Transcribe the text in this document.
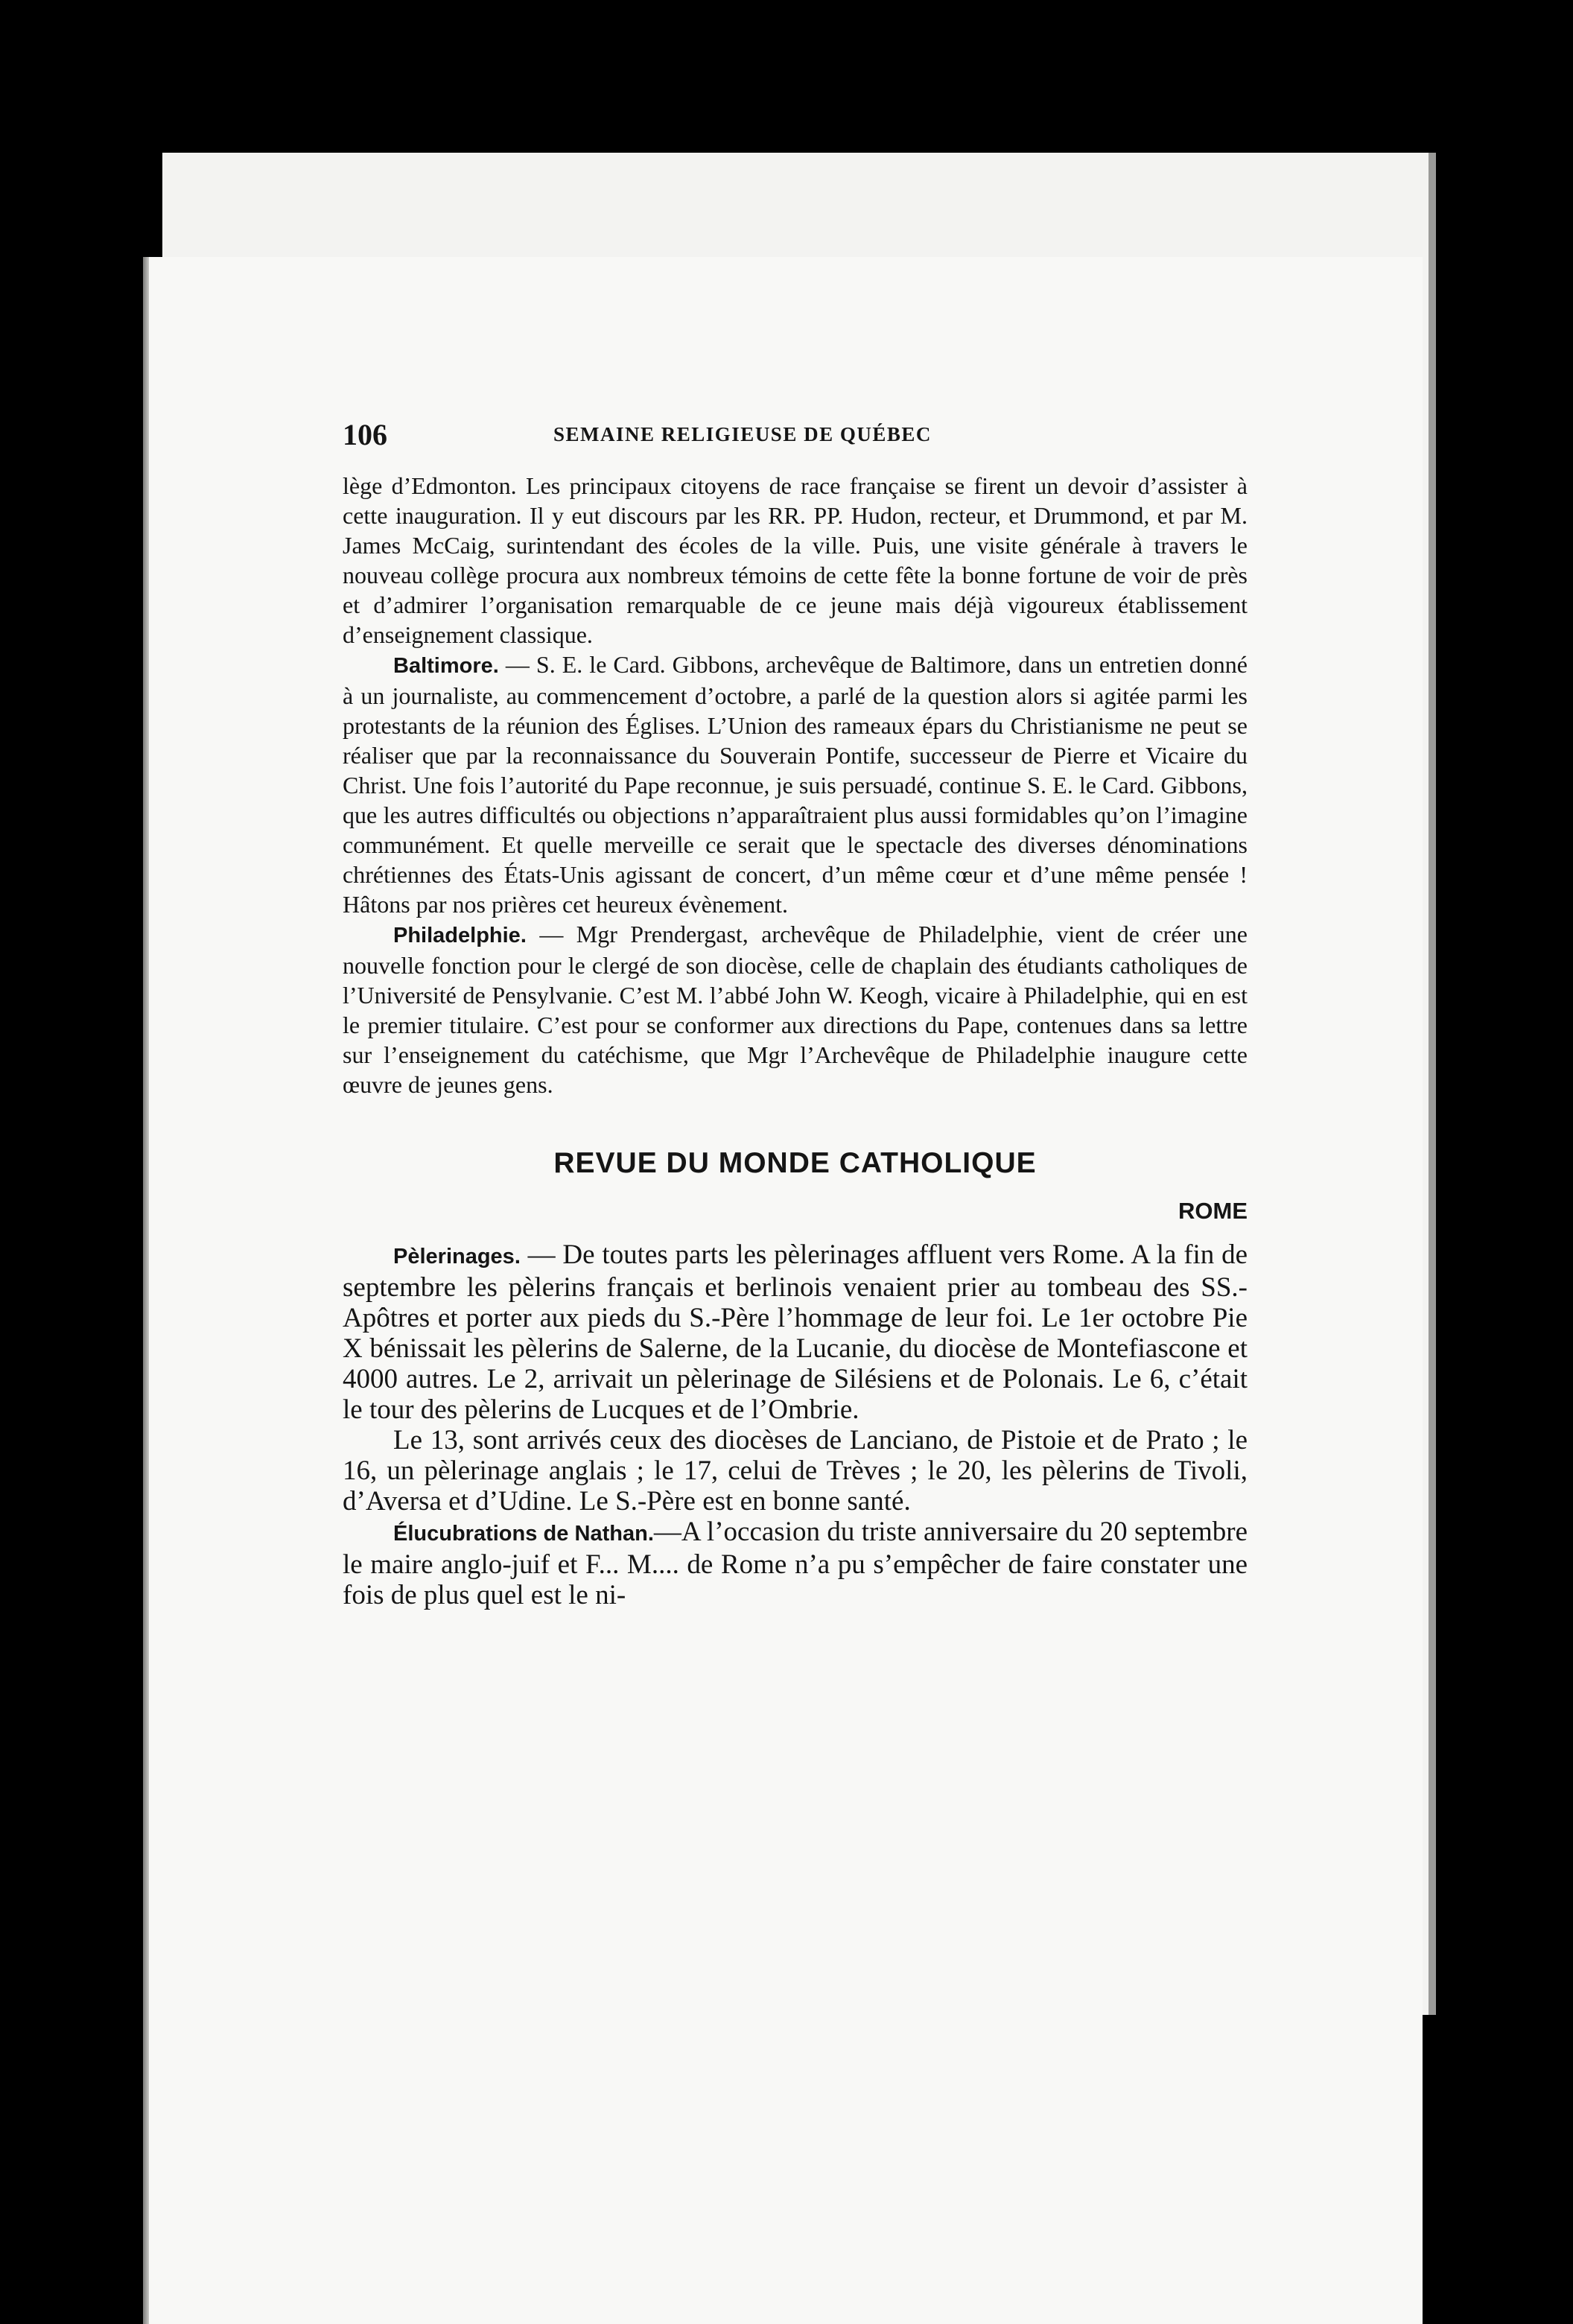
106	SEMAINE RELIGIEUSE DE QUÉBEC

lège d’Edmonton. Les principaux citoyens de race française se firent un devoir d’assister à cette inauguration. Il y eut discours par les RR. PP. Hudon, recteur, et Drummond, et par M. James McCaig, surintendant des écoles de la ville. Puis, une visite générale à travers le nouveau collège procura aux nombreux témoins de cette fête la bonne fortune de voir de près et d’admirer l’organisation remarquable de ce jeune mais déjà vigoureux établissement d’enseignement classique.

Baltimore. — S. E. le Card. Gibbons, archevêque de Baltimore, dans un entretien donné à un journaliste, au commencement d’octobre, a parlé de la question alors si agitée parmi les protestants de la réunion des Églises. L’Union des rameaux épars du Christianisme ne peut se réaliser que par la reconnaissance du Souverain Pontife, successeur de Pierre et Vicaire du Christ. Une fois l’autorité du Pape reconnue, je suis persuadé, continue S. E. le Card. Gibbons, que les autres difficultés ou objections n’apparaîtraient plus aussi formidables qu’on l’imagine communément. Et quelle merveille ce serait que le spectacle des diverses dénominations chrétiennes des États-Unis agissant de concert, d’un même cœur et d’une même pensée ! Hâtons par nos prières cet heureux évènement.

Philadelphie. — Mgr Prendergast, archevêque de Philadelphie, vient de créer une nouvelle fonction pour le clergé de son diocèse, celle de chaplain des étudiants catholiques de l’Université de Pensylvanie. C’est M. l’abbé John W. Keogh, vicaire à Philadelphie, qui en est le premier titulaire. C’est pour se conformer aux directions du Pape, contenues dans sa lettre sur l’enseignement du catéchisme, que Mgr l’Archevêque de Philadelphie inaugure cette œuvre de jeunes gens.

REVUE DU MONDE CATHOLIQUE
ROME

Pèlerinages. — De toutes parts les pèlerinages affluent vers Rome. A la fin de septembre les pèlerins français et berlinois venaient prier au tombeau des SS.-Apôtres et porter aux pieds du S.-Père l’hommage de leur foi. Le 1er octobre Pie X bénissait les pèlerins de Salerne, de la Lucanie, du diocèse de Montefiascone et 4000 autres. Le 2, arrivait un pèlerinage de Silésiens et de Polonais. Le 6, c’était le tour des pèlerins de Lucques et de l’Ombrie.

Le 13, sont arrivés ceux des diocèses de Lanciano, de Pistoie et de Prato ; le 16, un pèlerinage anglais ; le 17, celui de Trèves ; le 20, les pèlerins de Tivoli, d’Aversa et d’Udine. Le S.-Père est en bonne santé.

Élucubrations de Nathan.—A l’occasion du triste anniversaire du 20 septembre le maire anglo-juif et F... M.... de Rome n’a pu s’empêcher de faire constater une fois de plus quel est le ni-
